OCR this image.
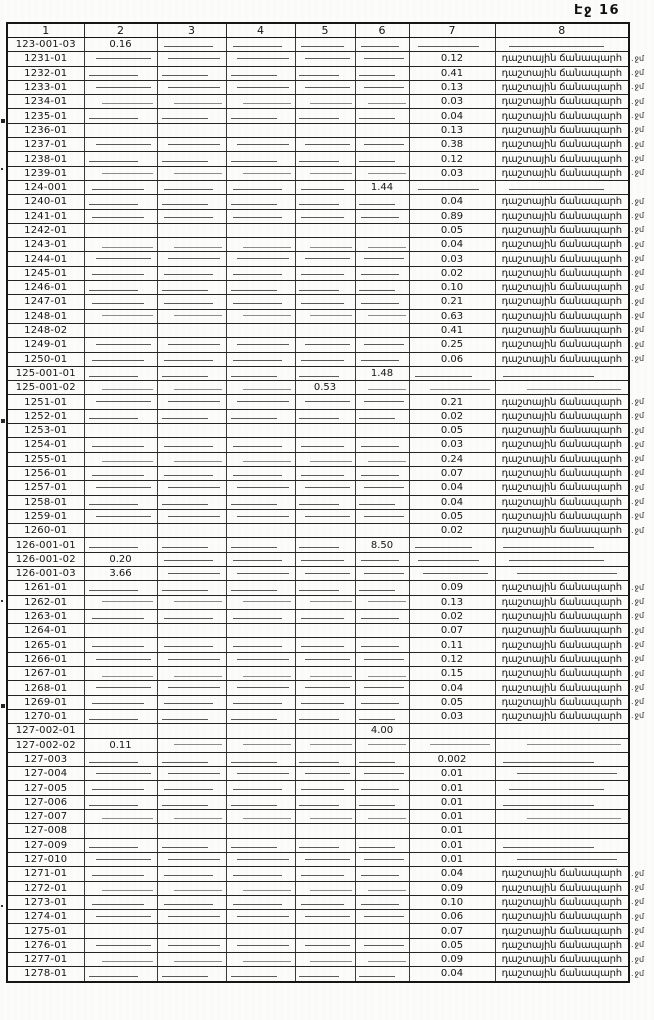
Էջ 16
1	2	3	4	5	6	7	8
123-001-03	0.16						
1231-01						0.12	դաշտային ճանապարհ
1232-01						0.41	դաշտային ճանապարհ
1233-01						0.13	դաշտային ճանապարհ
1234-01						0.03	դաշտային ճանապարհ
1235-01						0.04	դաշտային ճանապարհ
1236-01						0.13	դաշտային ճանապարհ
1237-01						0.38	դաշտային ճանապարհ
1238-01						0.12	դաշտային ճանապարհ
1239-01						0.03	դաշտային ճանապարհ
124-001					1.44		
1240-01						0.04	դաշտային ճանապարհ
1241-01						0.89	դաշտային ճանապարհ
1242-01						0.05	դաշտային ճանապարհ
1243-01						0.04	դաշտային ճանապարհ
1244-01						0.03	դաշտային ճանապարհ
1245-01						0.02	դաշտային ճանապարհ
1246-01						0.10	դաշտային ճանապարհ
1247-01						0.21	դաշտային ճանապարհ
1248-01						0.63	դաշտային ճանապարհ
1248-02						0.41	դաշտային ճանապարհ
1249-01						0.25	դաշտային ճանապարհ
1250-01						0.06	դաշտային ճանապարհ
125-001-01					1.48		
125-001-02				0.53			
1251-01						0.21	դաշտային ճանապարհ
1252-01						0.02	դաշտային ճանապարհ
1253-01						0.05	դաշտային ճանապարհ
1254-01						0.03	դաշտային ճանապարհ
1255-01						0.24	դաշտային ճանապարհ
1256-01						0.07	դաշտային ճանապարհ
1257-01						0.04	դաշտային ճանապարհ
1258-01						0.04	դաշտային ճանապարհ
1259-01						0.05	դաշտային ճանապարհ
1260-01						0.02	դաշտային ճանապարհ
126-001-01					8.50		
126-001-02	0.20						
126-001-03	3.66						
1261-01						0.09	դաշտային ճանապարհ
1262-01						0.13	դաշտային ճանապարհ
1263-01						0.02	դաշտային ճանապարհ
1264-01						0.07	դաշտային ճանապարհ
1265-01						0.11	դաշտային ճանապարհ
1266-01						0.12	դաշտային ճանապարհ
1267-01						0.15	դաշտային ճանապարհ
1268-01						0.04	դաշտային ճանապարհ
1269-01						0.05	դաշտային ճանապարհ
1270-01						0.03	դաշտային ճանապարհ
127-002-01					4.00		
127-002-02	0.11						
127-003						0.002	
127-004						0.01	
127-005						0.01	
127-006						0.01	
127-007						0.01	
127-008						0.01	
127-009						0.01	
127-010						0.01	
1271-01						0.04	դաշտային ճանապարհ
1272-01						0.09	դաշտային ճանապարհ
1273-01						0.10	դաշտային ճանապարհ
1274-01						0.06	դաշտային ճանապարհ
1275-01						0.07	դաշտային ճանապարհ
1276-01						0.05	դաշտային ճանապարհ
1277-01						0.09	դաշտային ճանապարհ
1278-01						0.04	դաշտային ճանապարհ
. ջմ
. ջմ
. ջմ
. ջմ
. ջմ
. ջմ
. ջմ
. ջմ
. ջմ
. ջմ
. ջմ
. ջմ
. ջմ
. ջմ
. ջմ
. ջմ
. ջմ
. ջմ
. ջմ
. ջմ
. ջմ
. ջմ
. ջմ
. ջմ
. ջմ
. ջմ
. ջմ
. ջմ
. ջմ
. ջմ
. ջմ
. ջմ
. ջմ
. ջմ
. ջմ
. ջմ
. ջմ
. ջմ
. ջմ
. ջմ
. ջմ
. ջմ
. ջմ
. ջմ
. ջմ
. ջմ
. ջմ
. ջմ
. ջմ
